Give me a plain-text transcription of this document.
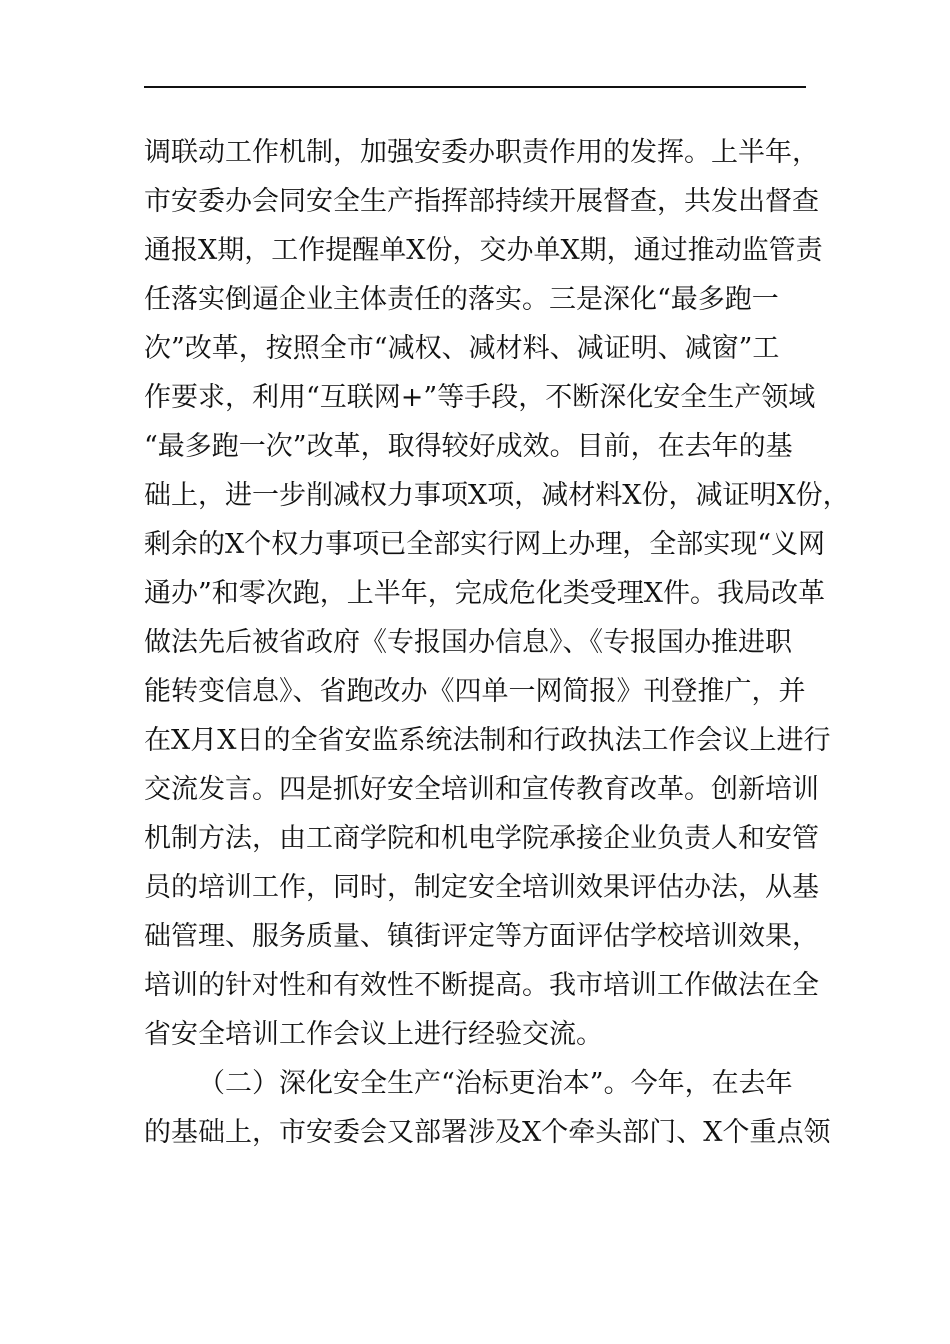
调联动工作机制，加强安委办职责作用的发挥。上半年，
市安委办会同安全生产指挥部持续开展督查，共发出督查
通报X期，工作提醒单X份，交办单X期，通过推动监管责
任落实倒逼企业主体责任的落实。三是深化“最多跑一
次”改革，按照全市“减权、减材料、减证明、减窗”工
作要求，利用“互联网+”等手段，不断深化安全生产领域
“最多跑一次”改革，取得较好成效。目前，在去年的基
础上，进一步削减权力事项X项，减材料X份，减证明X份，
剩余的X个权力事项已全部实行网上办理，全部实现“义网
通办”和零次跑，上半年，完成危化类受理X件。我局改革
做法先后被省政府《专报国办信息》、《专报国办推进职
能转变信息》、省跑改办《四单一网简报》刊登推广，并
在X月X日的全省安监系统法制和行政执法工作会议上进行
交流发言。四是抓好安全培训和宣传教育改革。创新培训
机制方法，由工商学院和机电学院承接企业负责人和安管
员的培训工作，同时，制定安全培训效果评估办法，从基
础管理、服务质量、镇街评定等方面评估学校培训效果，
培训的针对性和有效性不断提高。我市培训工作做法在全
省安全培训工作会议上进行经验交流。
（二）深化安全生产“治标更治本”。今年，在去年
的基础上，市安委会又部署涉及X个牵头部门、X个重点领
